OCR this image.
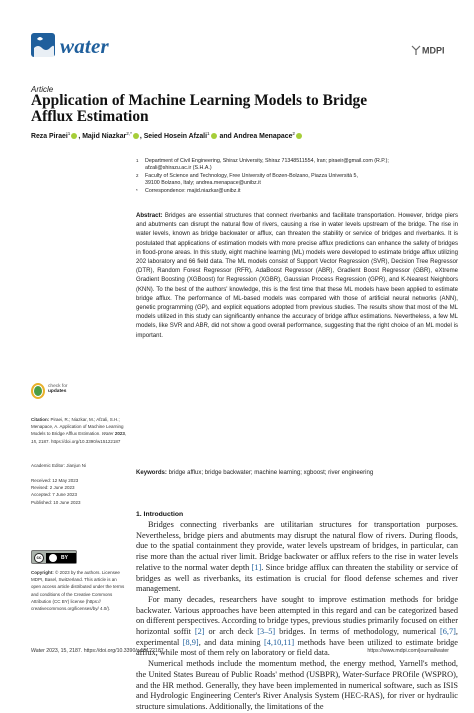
water	MDPI
Article
Application of Machine Learning Models to Bridge
Afflux Estimation
Reza Piraei$^1$ , Majid Niazkar$^{2,*}$ , Seied Hosein Afzali$^1$ and Andrea Menapace$^2$
1 Department of Civil Engineering, Shiraz University, Shiraz 71348511554, Iran; piraeir@gmail.com (R.P.);
afzali@shirazu.ac.ir (S.H.A.)
2 Faculty of Science and Technology, Free University of Bozen-Bolzano, Piazza Università 5,
39100 Bolzano, Italy; andrea.menapace@unibz.it
* Correspondence: majid.niazkar@unibz.it
Abstract: Bridges are essential structures that connect riverbanks and facilitate transportation. However, bridge piers and abutments can disrupt the natural flow of rivers, causing a rise in water levels upstream of the bridge. The rise in water levels, known as bridge backwater or afflux, can threaten the stability or service of bridges and riverbanks. It is postulated that applications of estimation models with more precise afflux predictions can enhance the safety of bridges in flood-prone areas. In this study, eight machine learning (ML) models were developed to estimate bridge afflux utilizing 202 laboratory and 66 field data. The ML models consist of Support Vector Regression (SVR), Decision Tree Regressor (DTR), Random Forest Regressor (RFR), AdaBoost Regressor (ABR), Gradient Boost Regressor (GBR), eXtreme Gradient Boosting (XGBoost) for Regression (XGBR), Gaussian Process Regression (GPR), and K-Nearest Neighbors (KNN). To the best of the authors' knowledge, this is the first time that these ML models have been applied to estimate bridge afflux. The performance of ML-based models was compared with those of artificial neural networks (ANN), genetic programming (GP), and explicit equations adopted from previous studies. The results show that most of the ML models utilized in this study can significantly enhance the accuracy of bridge afflux estimations. Nevertheless, a few ML models, like SVR and ABR, did not show a good overall performance, suggesting that the right choice of an ML model is important.
Keywords: bridge afflux; bridge backwater; machine learning; xgboost; river engineering
check for
updates
Citation: Piraei, R.; Niazkar, M.; Afzali, S.H.; Menapace, A. Application of Machine Learning Models to Bridge Afflux Estimation. Water 2023, 15, 2187. https://doi.org/10.3390/w15122187
Academic Editor: Jianjun Ni
Received: 12 May 2023
Revised: 2 June 2023
Accepted: 7 June 2023
Published: 10 June 2023
cc	BY
Copyright: © 2023 by the authors. Licensee MDPI, Basel, Switzerland. This article is an open access article distributed under the terms and conditions of the Creative Commons Attribution (CC BY) license (https:// creativecommons.org/licenses/by/ 4.0/).
1. Introduction

Bridges connecting riverbanks are utilitarian structures for transportation purposes. Nevertheless, bridge piers and abutments may disrupt the natural flow of rivers. During floods, due to the spatial containment they provide, water levels upstream of bridges, in particular, can rise more than the actual river limit. Bridge backwater or afflux refers to the rise in water levels relative to the normal water depth [1]. Since bridge afflux can threaten the stability or service of bridges as well as riverbanks, its estimation is crucial for flood defense schemes and river management.

For many decades, researchers have sought to improve estimation methods for bridge backwater. Various approaches have been attempted in this regard and can be categorized based on different perspectives. According to bridge types, previous studies primarily focused on either horizontal soffit [2] or arch deck [3–5] bridges. In terms of methodology, numerical [6,7], experimental [8,9], and data mining [4,10,11] methods have been utilized to estimate bridge afflux, while most of them rely on laboratory or field data.

Numerical methods include the momentum method, the energy method, Yarnell's method, the United States Bureau of Public Roads' method (USBPR), Water-Surface PROfile (WSPRO), and the HR method. Generally, they have been implemented in numerical software, such as ISIS and Hydrologic Engineering Center's River Analysis System (HEC-RAS), for river or hydraulic structure simulations. Additionally, the limitations of the

Water 2023, 15, 2187. https://doi.org/10.3390/w15122187	https://www.mdpi.com/journal/water
